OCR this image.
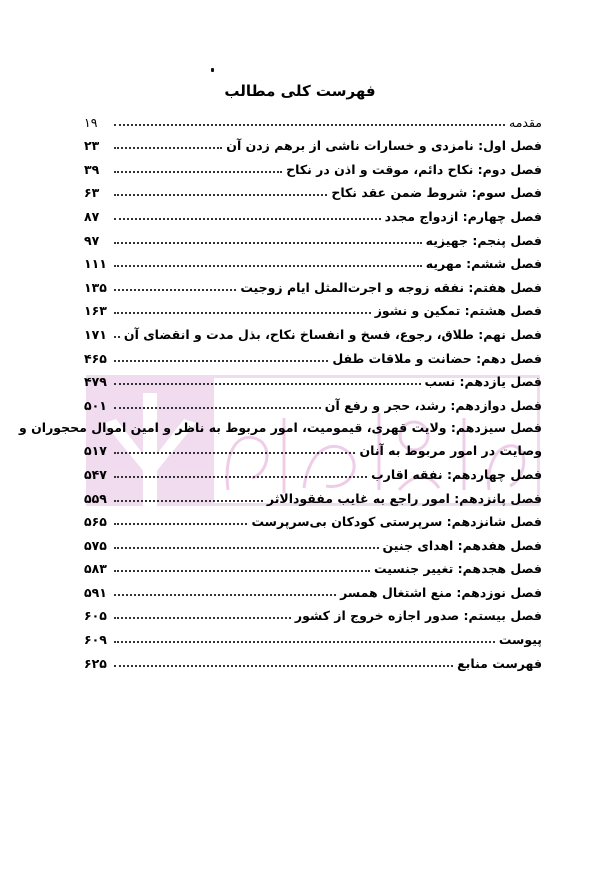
فهرست کلی مطالب
مقدمه
۱۹
فصل اول: نامزدی و خسارات ناشی از برهم زدن آن
۲۳
فصل دوم: نکاح دائم، موقت و اذن در نکاح
۳۹
فصل سوم: شروط ضمن عقد نکاح
۶۳
فصل چهارم: ازدواج مجدد
۸۷
فصل پنجم: جهیزیه
۹۷
فصل ششم: مهریه
۱۱۱
فصل هفتم: نفقه زوجه و اجرت‌المثل ایام زوجیت
۱۳۵
فصل هشتم: تمکین و نشوز
۱۶۳
فصل نهم: طلاق، رجوع، فسخ و انفساخ نکاح، بذل مدت و انقضای آن
۱۷۱
فصل دهم: حضانت و ملاقات طفل
۴۶۵
فصل یازدهم: نسب
۴۷۹
فصل دوازدهم: رشد، حجر و رفع آن
۵۰۱
فصل سیزدهم: ولایت قهری، قیمومیت، امور مربوط به ناظر و امین اموال محجوران و
وصایت در امور مربوط به آنان
۵۱۷
فصل چهاردهم: نفقه اقارب
۵۴۷
فصل پانزدهم: امور راجع به غایب مفقودالاثر
۵۵۹
فصل شانزدهم: سرپرستی کودکان بی‌سرپرست
۵۶۵
فصل هفدهم: اهدای جنین
۵۷۵
فصل هجدهم: تغییر جنسیت
۵۸۳
فصل نوزدهم: منع اشتغال همسر
۵۹۱
فصل بیستم: صدور اجازه خروج از کشور
۶۰۵
پیوست
۶۰۹
فهرست منابع
۶۲۵
